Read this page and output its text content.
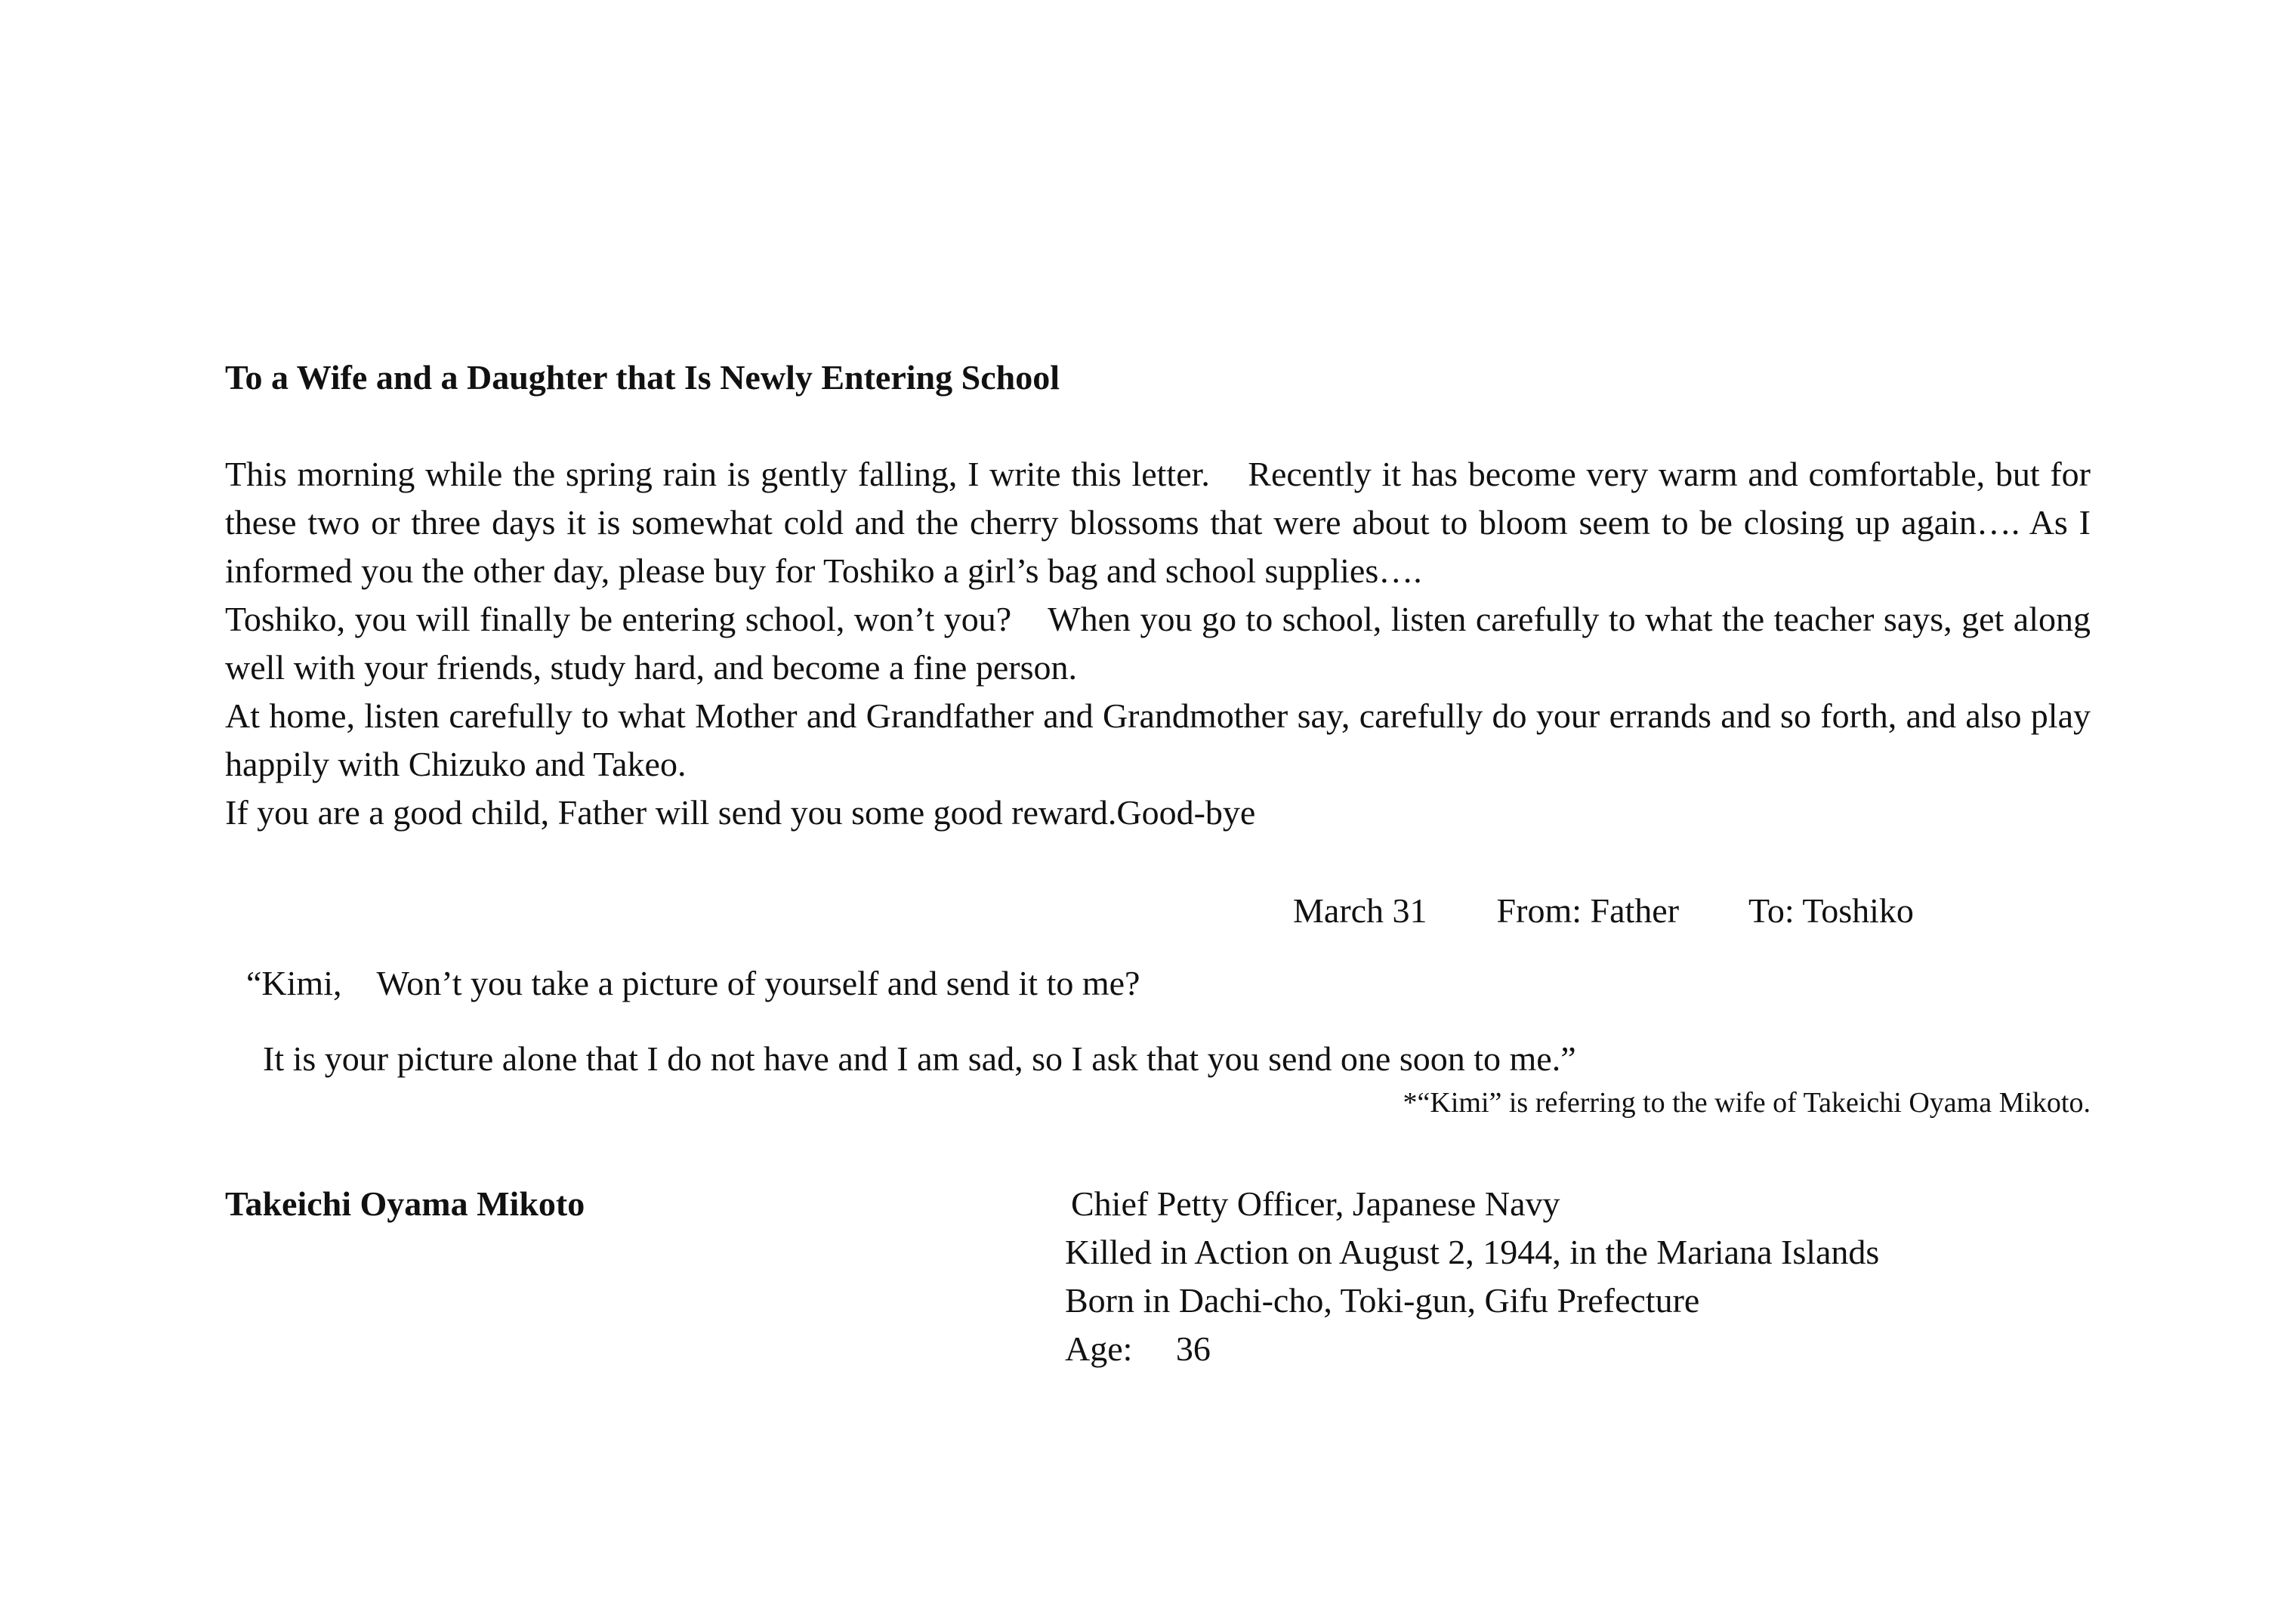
To a Wife and a Daughter that Is Newly Entering School

This morning while the spring rain is gently falling, I write this letter.　Recently it has become very warm and comfortable, but for these two or three days it is somewhat cold and the cherry blossoms that were about to bloom seem to be closing up again…. As I informed you the other day, please buy for Toshiko a girl’s bag and school supplies….

Toshiko, you will finally be entering school, won’t you?　When you go to school, listen carefully to what the teacher says, get along well with your friends, study hard, and become a fine person.

At home, listen carefully to what Mother and Grandfather and Grandmother say, carefully do your errands and so forth, and also play happily with Chizuko and Takeo.

If you are a good child, Father will send you some good reward.Good-bye

March 31　　From: Father　　To: Toshiko
“Kimi,　Won’t you take a picture of yourself and send it to me?
It is your picture alone that I do not have and I am sad, so I ask that you send one soon to me.”
*“Kimi” is referring to the wife of Takeichi Oyama Mikoto.
Takeichi Oyama Mikoto	Chief Petty Officer, Japanese Navy
Killed in Action on August 2, 1944, in the Mariana Islands
Born in Dachi-cho, Toki-gun, Gifu Prefecture
Age:　 36
